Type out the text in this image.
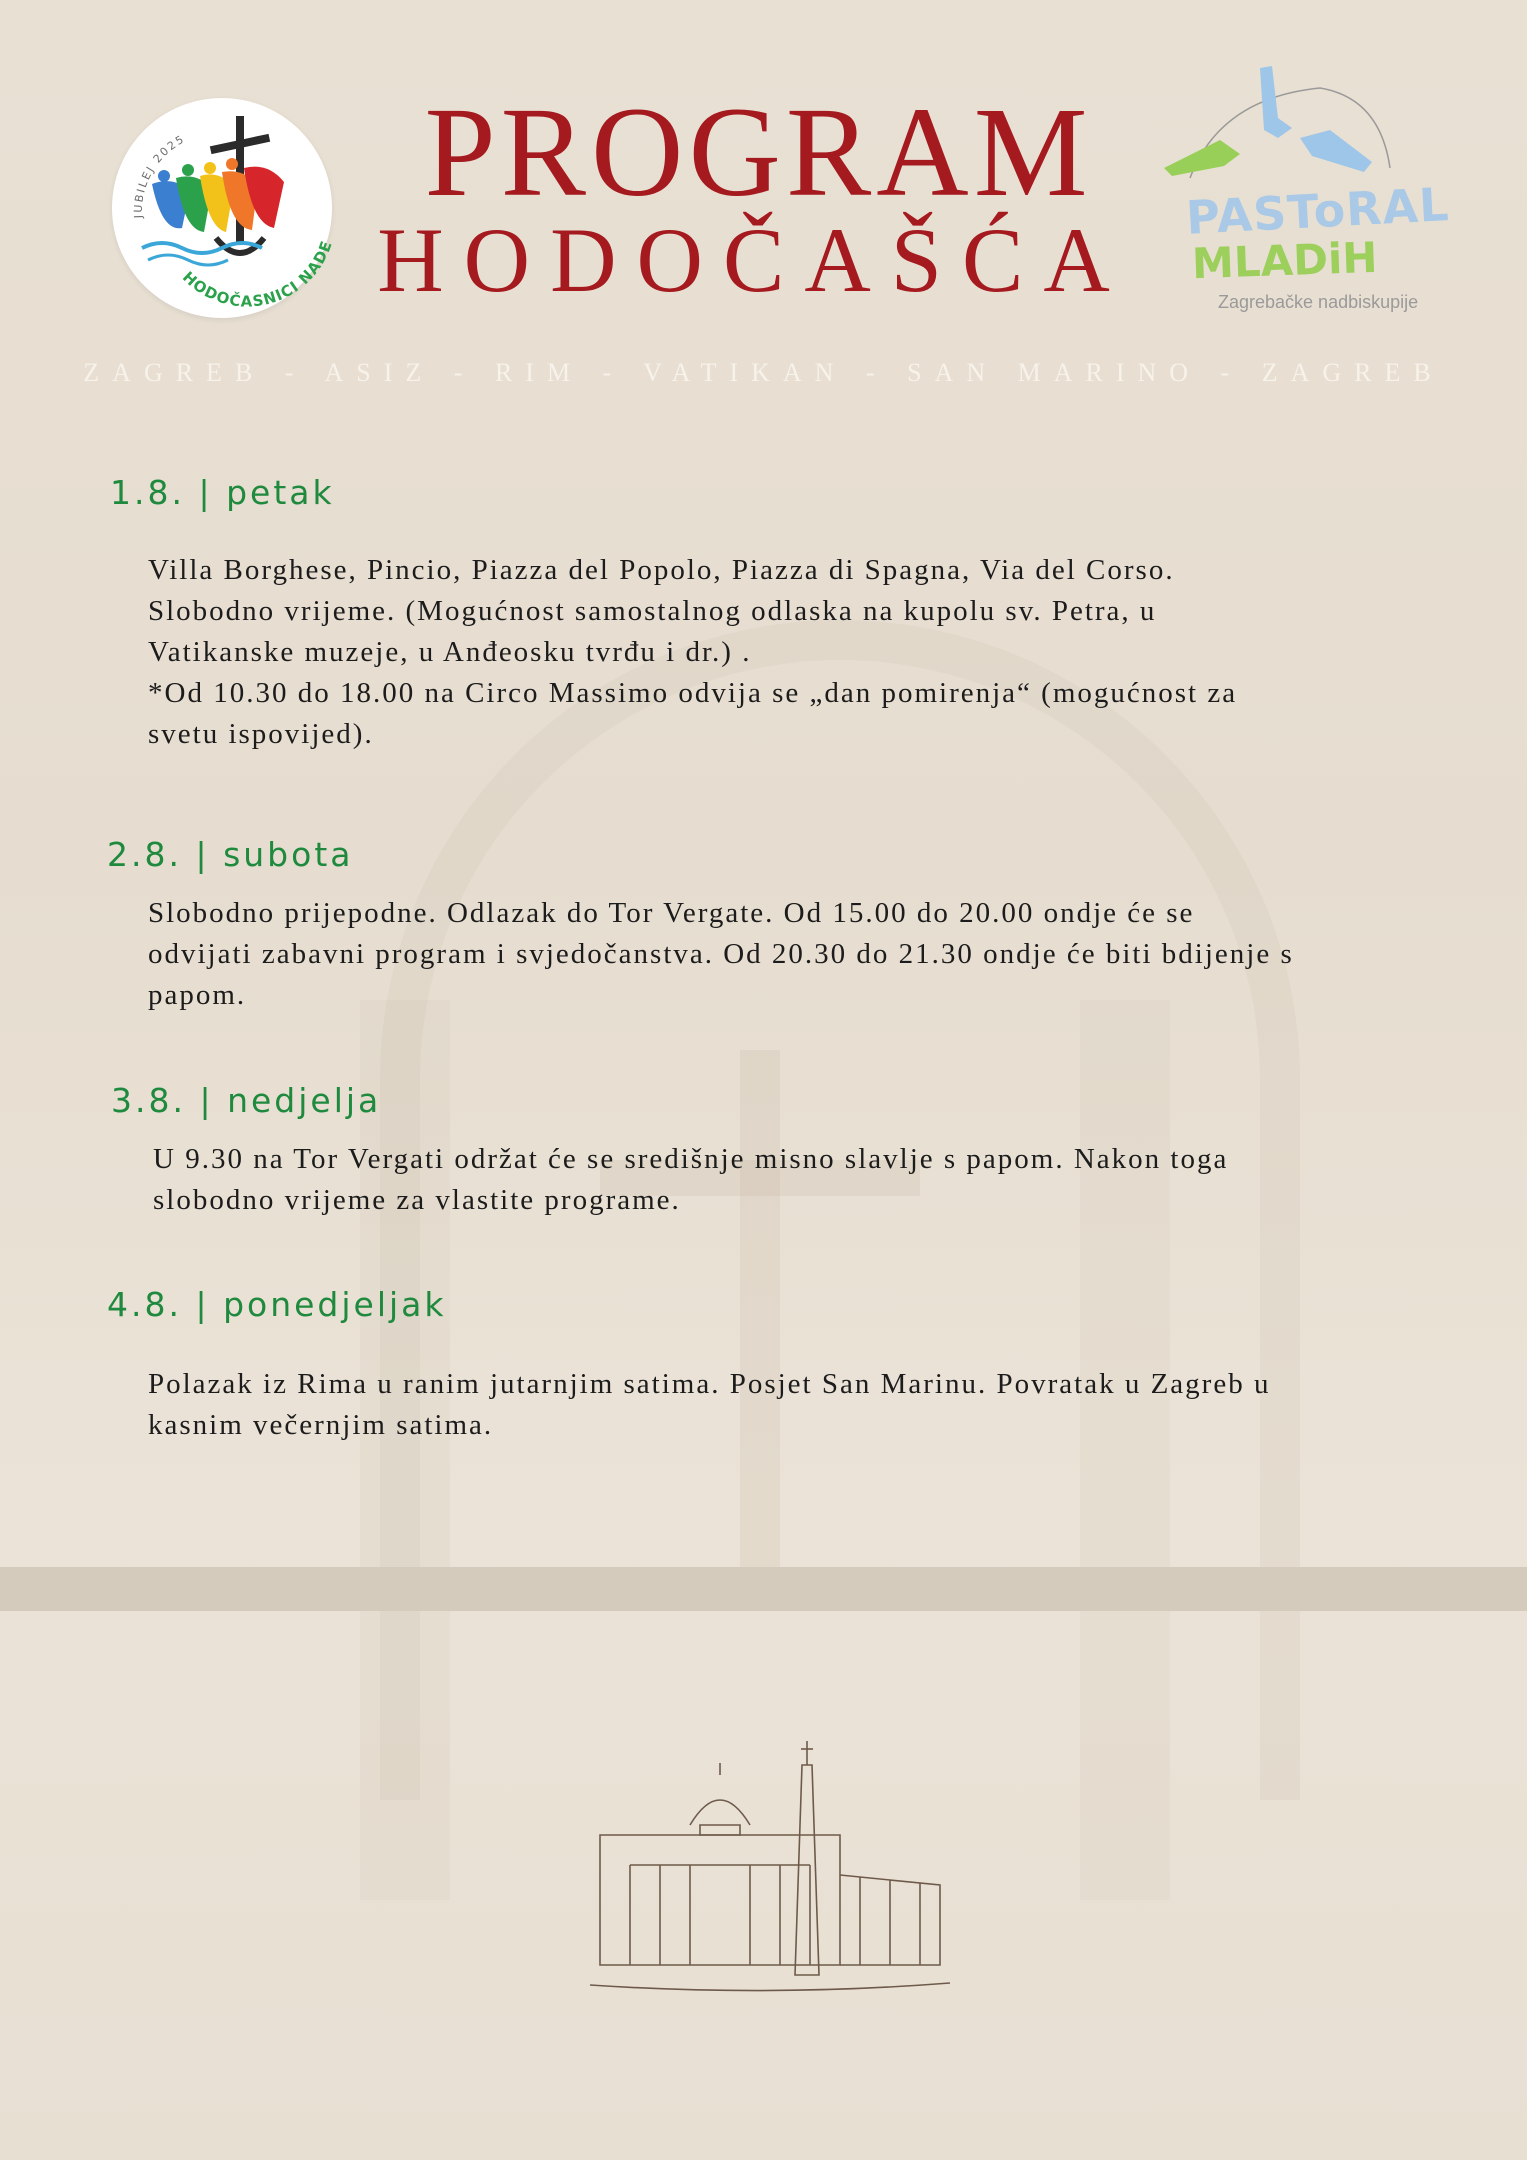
JUBILEJ 2025
HODOČASNICI NAD
PASToRAL
MLADiH
Zagrebačke nadbiskupije
PROGRAM
HODOČAŠĆA
ZAGREB - ASIZ - RIM - VATIKAN - SAN MARINO - ZAGREB
1.8. | petak
Villa Borghese, Pincio, Piazza del Popolo, Piazza di Spagna, Via del Corso.
Slobodno vrijeme. (Mogućnost samostalnog odlaska na kupolu sv. Petra, u
Vatikanske muzeje, u Anđeosku tvrđu i dr.) .
*Od 10.30 do 18.00 na Circo Massimo odvija se „dan pomirenja“ (mogućnost za
svetu ispovijed).
2.8. | subota
Slobodno prijepodne. Odlazak do Tor Vergate. Od 15.00 do 20.00 ondje će se
odvijati zabavni program i svjedočanstva. Od 20.30 do 21.30 ondje će biti bdijenje s
papom.
3.8. | nedjelja
U 9.30 na Tor Vergati održat će se središnje misno slavlje s papom. Nakon toga
slobodno vrijeme za vlastite programe.
4.8. | ponedjeljak
Polazak iz Rima u ranim jutarnjim satima. Posjet San Marinu. Povratak u Zagreb u
kasnim večernjim satima.
